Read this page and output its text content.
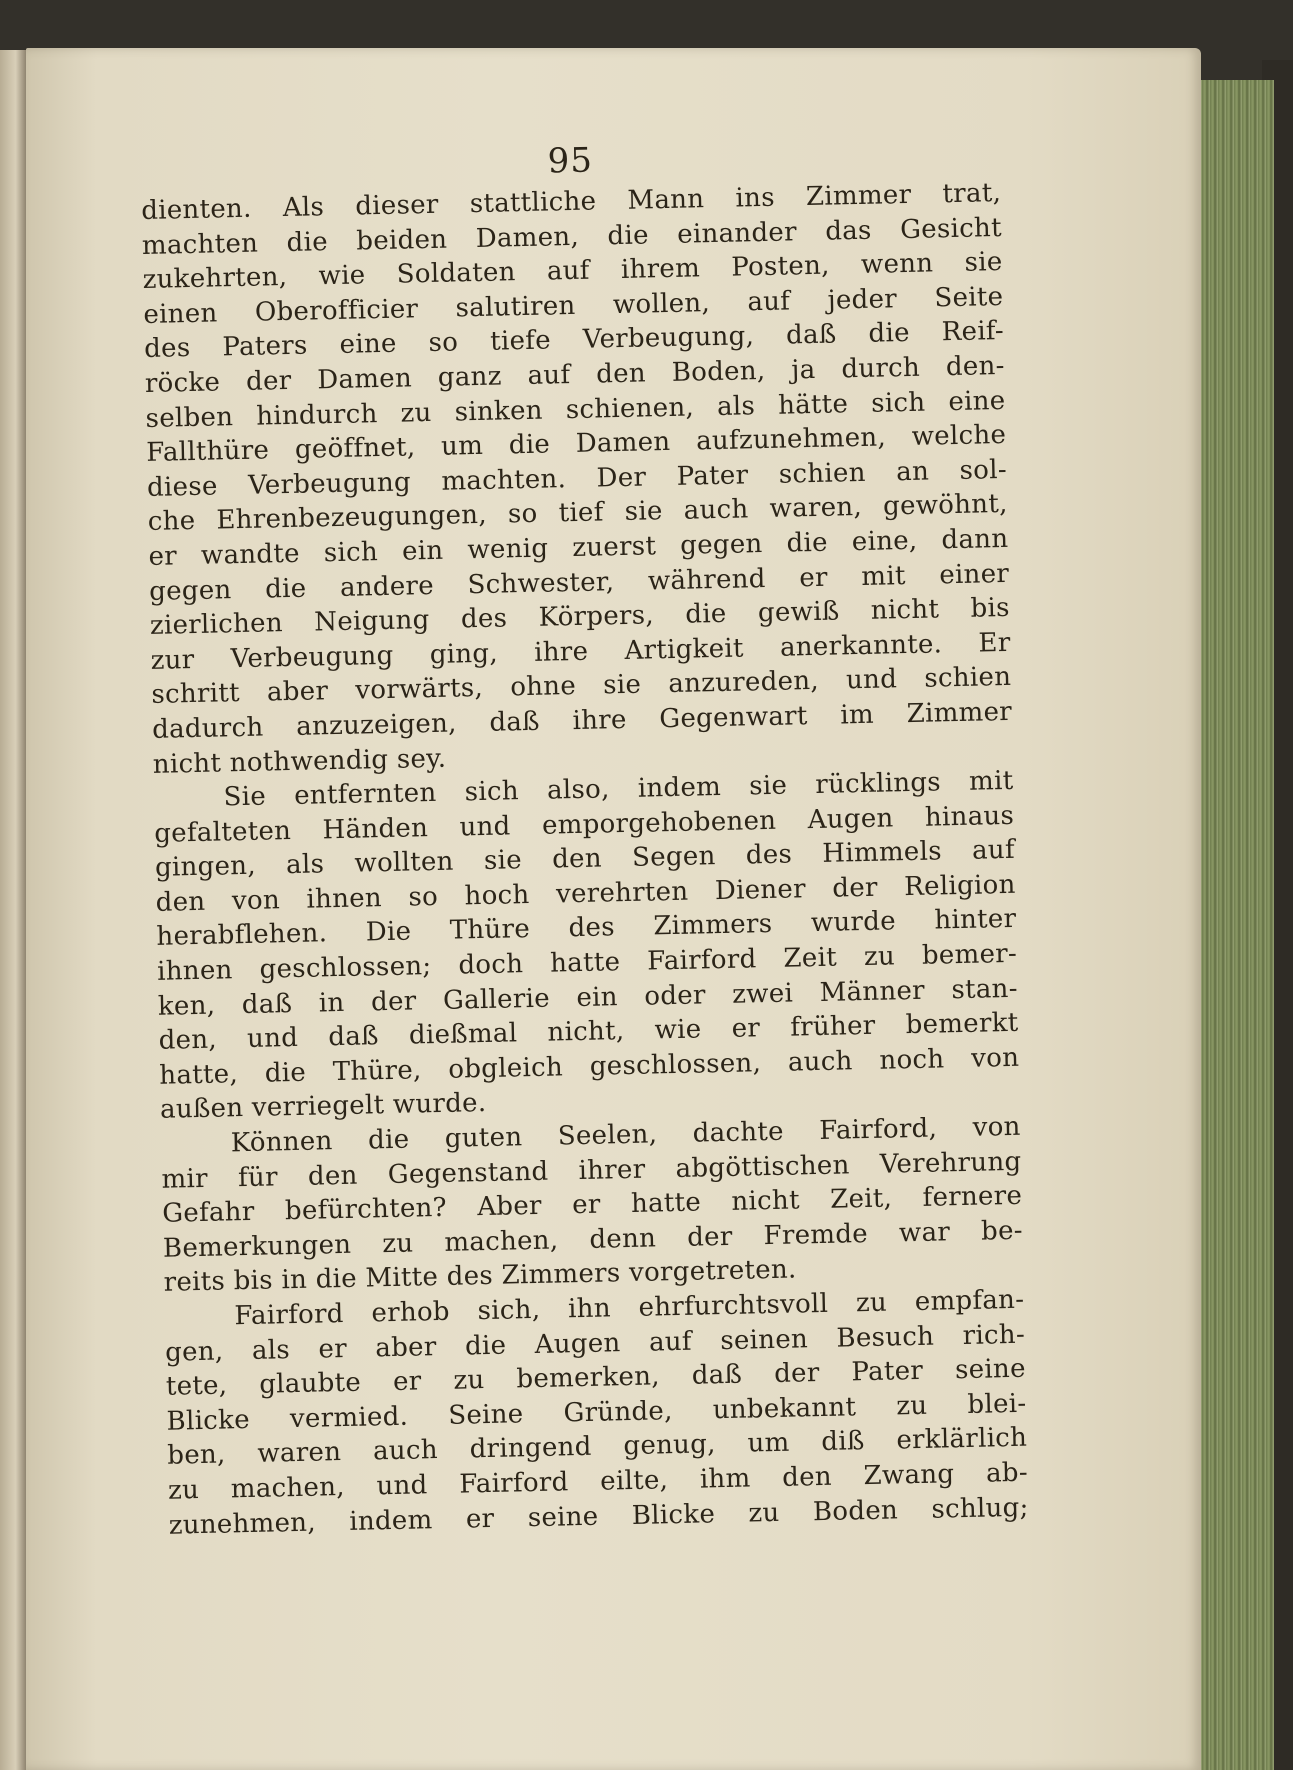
95
dienten. Als dieser stattliche Mann ins Zimmer trat,
machten die beiden Damen, die einander das Gesicht
zukehrten, wie Soldaten auf ihrem Posten, wenn sie
einen Oberofficier salutiren wollen, auf jeder Seite
des Paters eine so tiefe Verbeugung, daß die Reif-
röcke der Damen ganz auf den Boden, ja durch den-
selben hindurch zu sinken schienen, als hätte sich eine
Fallthüre geöffnet, um die Damen aufzunehmen, welche
diese Verbeugung machten. Der Pater schien an sol-
che Ehrenbezeugungen, so tief sie auch waren, gewöhnt,
er wandte sich ein wenig zuerst gegen die eine, dann
gegen die andere Schwester, während er mit einer
zierlichen Neigung des Körpers, die gewiß nicht bis
zur Verbeugung ging, ihre Artigkeit anerkannte. Er
schritt aber vorwärts, ohne sie anzureden, und schien
dadurch anzuzeigen, daß ihre Gegenwart im Zimmer
nicht nothwendig sey.
Sie entfernten sich also, indem sie rücklings mit
gefalteten Händen und emporgehobenen Augen hinaus
gingen, als wollten sie den Segen des Himmels auf
den von ihnen so hoch verehrten Diener der Religion
herabflehen. Die Thüre des Zimmers wurde hinter
ihnen geschlossen; doch hatte Fairford Zeit zu bemer-
ken, daß in der Gallerie ein oder zwei Männer stan-
den, und daß dießmal nicht, wie er früher bemerkt
hatte, die Thüre, obgleich geschlossen, auch noch von
außen verriegelt wurde.
Können die guten Seelen, dachte Fairford, von
mir für den Gegenstand ihrer abgöttischen Verehrung
Gefahr befürchten? Aber er hatte nicht Zeit, fernere
Bemerkungen zu machen, denn der Fremde war be-
reits bis in die Mitte des Zimmers vorgetreten.
Fairford erhob sich, ihn ehrfurchtsvoll zu empfan-
gen, als er aber die Augen auf seinen Besuch rich-
tete, glaubte er zu bemerken, daß der Pater seine
Blicke vermied. Seine Gründe, unbekannt zu blei-
ben, waren auch dringend genug, um diß erklärlich
zu machen, und Fairford eilte, ihm den Zwang ab-
zunehmen, indem er seine Blicke zu Boden schlug;
